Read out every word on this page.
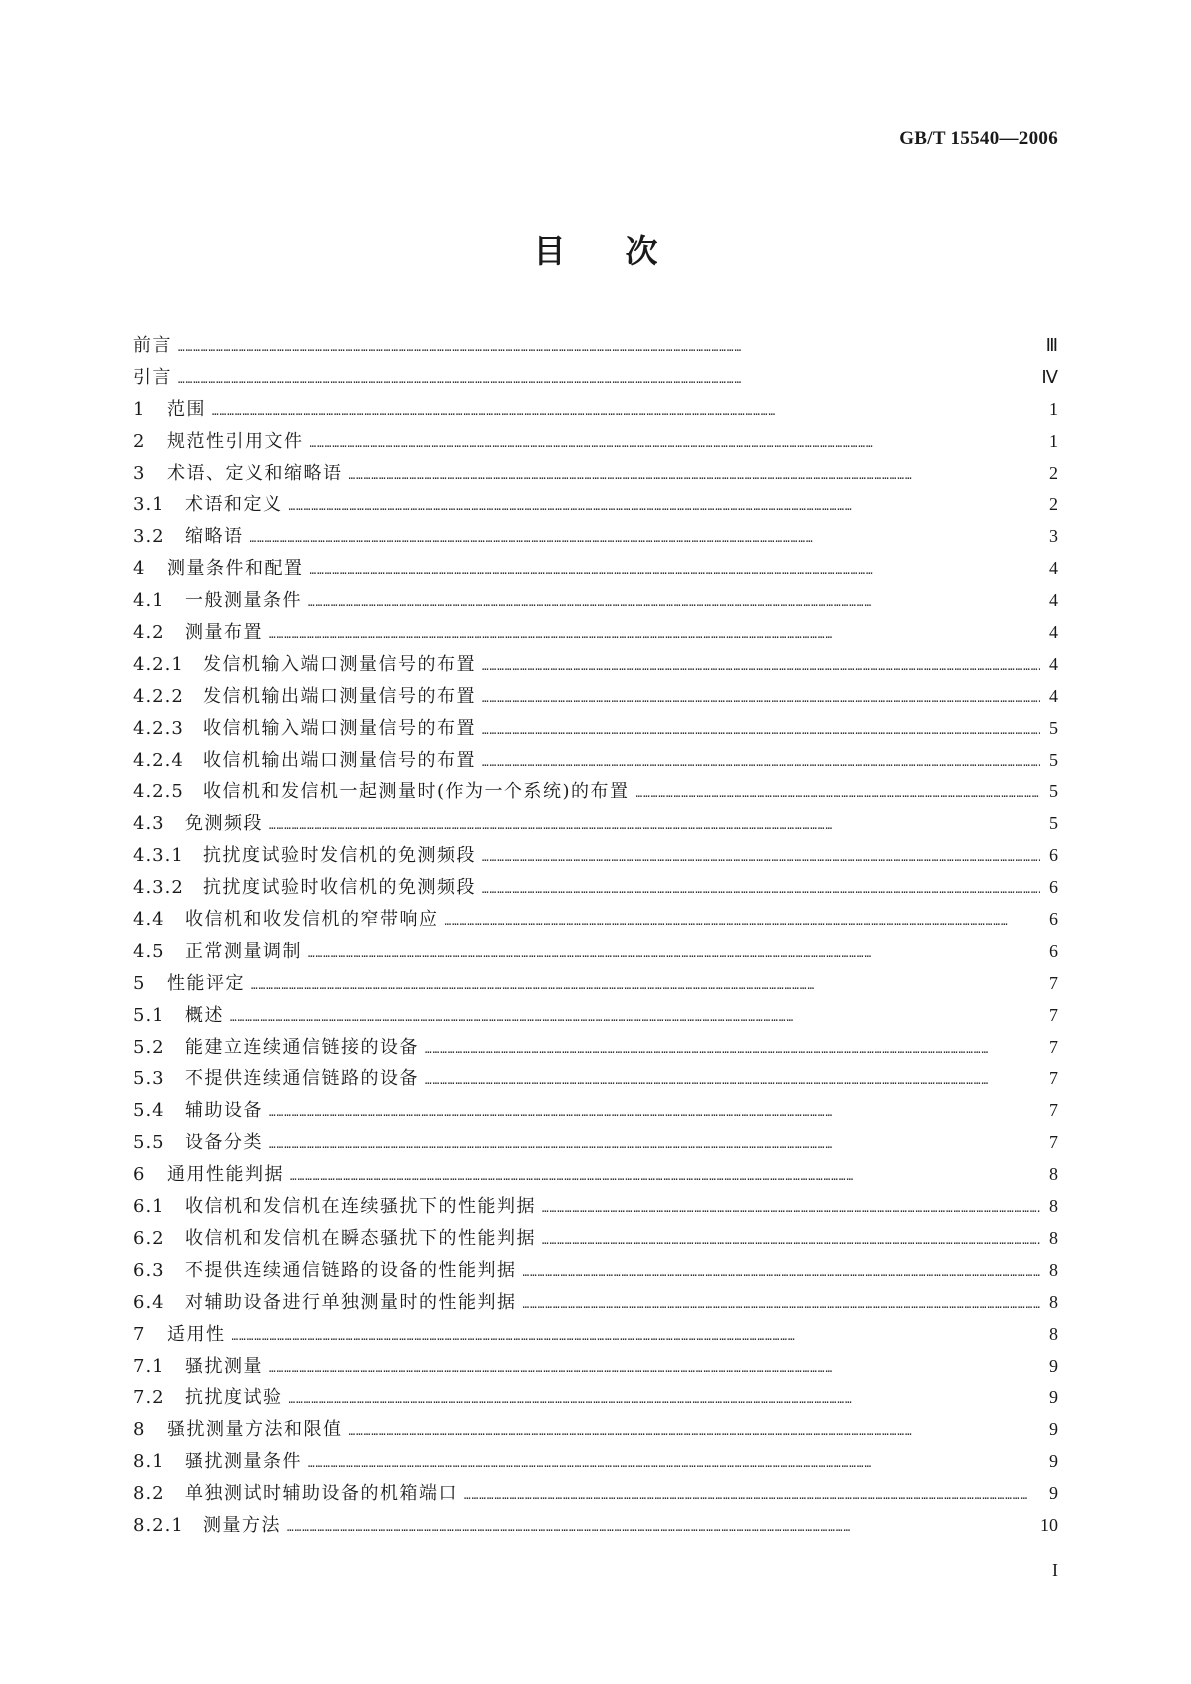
GB/T 15540—2006
目 次
前言 ……………………………………………………………………………………………………………………………………………………………………………………………………	Ⅲ
引言 ……………………………………………………………………………………………………………………………………………………………………………………………………	Ⅳ
1	范围 ……………………………………………………………………………………………………………………………………………………………………………………………………	1
2	规范性引用文件 ……………………………………………………………………………………………………………………………………………………………………………………………………	1
3	术语、定义和缩略语 ……………………………………………………………………………………………………………………………………………………………………………………………………	2
3.1	术语和定义 ……………………………………………………………………………………………………………………………………………………………………………………………………	2
3.2	缩略语 ……………………………………………………………………………………………………………………………………………………………………………………………………	3
4	测量条件和配置 ……………………………………………………………………………………………………………………………………………………………………………………………………	4
4.1	一般测量条件 ……………………………………………………………………………………………………………………………………………………………………………………………………	4
4.2	测量布置 ……………………………………………………………………………………………………………………………………………………………………………………………………	4
4.2.1	发信机输入端口测量信号的布置 ……………………………………………………………………………………………………………………………………………………………………………………………………	4
4.2.2	发信机输出端口测量信号的布置 ……………………………………………………………………………………………………………………………………………………………………………………………………	4
4.2.3	收信机输入端口测量信号的布置 ……………………………………………………………………………………………………………………………………………………………………………………………………	5
4.2.4	收信机输出端口测量信号的布置 ……………………………………………………………………………………………………………………………………………………………………………………………………	5
4.2.5	收信机和发信机一起测量时(作为一个系统)的布置 ……………………………………………………………………………………………………………………………………………………………………………………………………	5
4.3	免测频段 ……………………………………………………………………………………………………………………………………………………………………………………………………	5
4.3.1	抗扰度试验时发信机的免测频段 ……………………………………………………………………………………………………………………………………………………………………………………………………	6
4.3.2	抗扰度试验时收信机的免测频段 ……………………………………………………………………………………………………………………………………………………………………………………………………	6
4.4	收信机和收发信机的窄带响应 ……………………………………………………………………………………………………………………………………………………………………………………………………	6
4.5	正常测量调制 ……………………………………………………………………………………………………………………………………………………………………………………………………	6
5	性能评定 ……………………………………………………………………………………………………………………………………………………………………………………………………	7
5.1	概述 ……………………………………………………………………………………………………………………………………………………………………………………………………	7
5.2	能建立连续通信链接的设备 ……………………………………………………………………………………………………………………………………………………………………………………………………	7
5.3	不提供连续通信链路的设备 ……………………………………………………………………………………………………………………………………………………………………………………………………	7
5.4	辅助设备 ……………………………………………………………………………………………………………………………………………………………………………………………………	7
5.5	设备分类 ……………………………………………………………………………………………………………………………………………………………………………………………………	7
6	通用性能判据 ……………………………………………………………………………………………………………………………………………………………………………………………………	8
6.1	收信机和发信机在连续骚扰下的性能判据 ……………………………………………………………………………………………………………………………………………………………………………………………………	8
6.2	收信机和发信机在瞬态骚扰下的性能判据 ……………………………………………………………………………………………………………………………………………………………………………………………………	8
6.3	不提供连续通信链路的设备的性能判据 ……………………………………………………………………………………………………………………………………………………………………………………………………	8
6.4	对辅助设备进行单独测量时的性能判据 ……………………………………………………………………………………………………………………………………………………………………………………………………	8
7	适用性 ……………………………………………………………………………………………………………………………………………………………………………………………………	8
7.1	骚扰测量 ……………………………………………………………………………………………………………………………………………………………………………………………………	9
7.2	抗扰度试验 ……………………………………………………………………………………………………………………………………………………………………………………………………	9
8	骚扰测量方法和限值 ……………………………………………………………………………………………………………………………………………………………………………………………………	9
8.1	骚扰测量条件 ……………………………………………………………………………………………………………………………………………………………………………………………………	9
8.2	单独测试时辅助设备的机箱端口 ……………………………………………………………………………………………………………………………………………………………………………………………………	9
8.2.1	测量方法 ……………………………………………………………………………………………………………………………………………………………………………………………………	10
I
